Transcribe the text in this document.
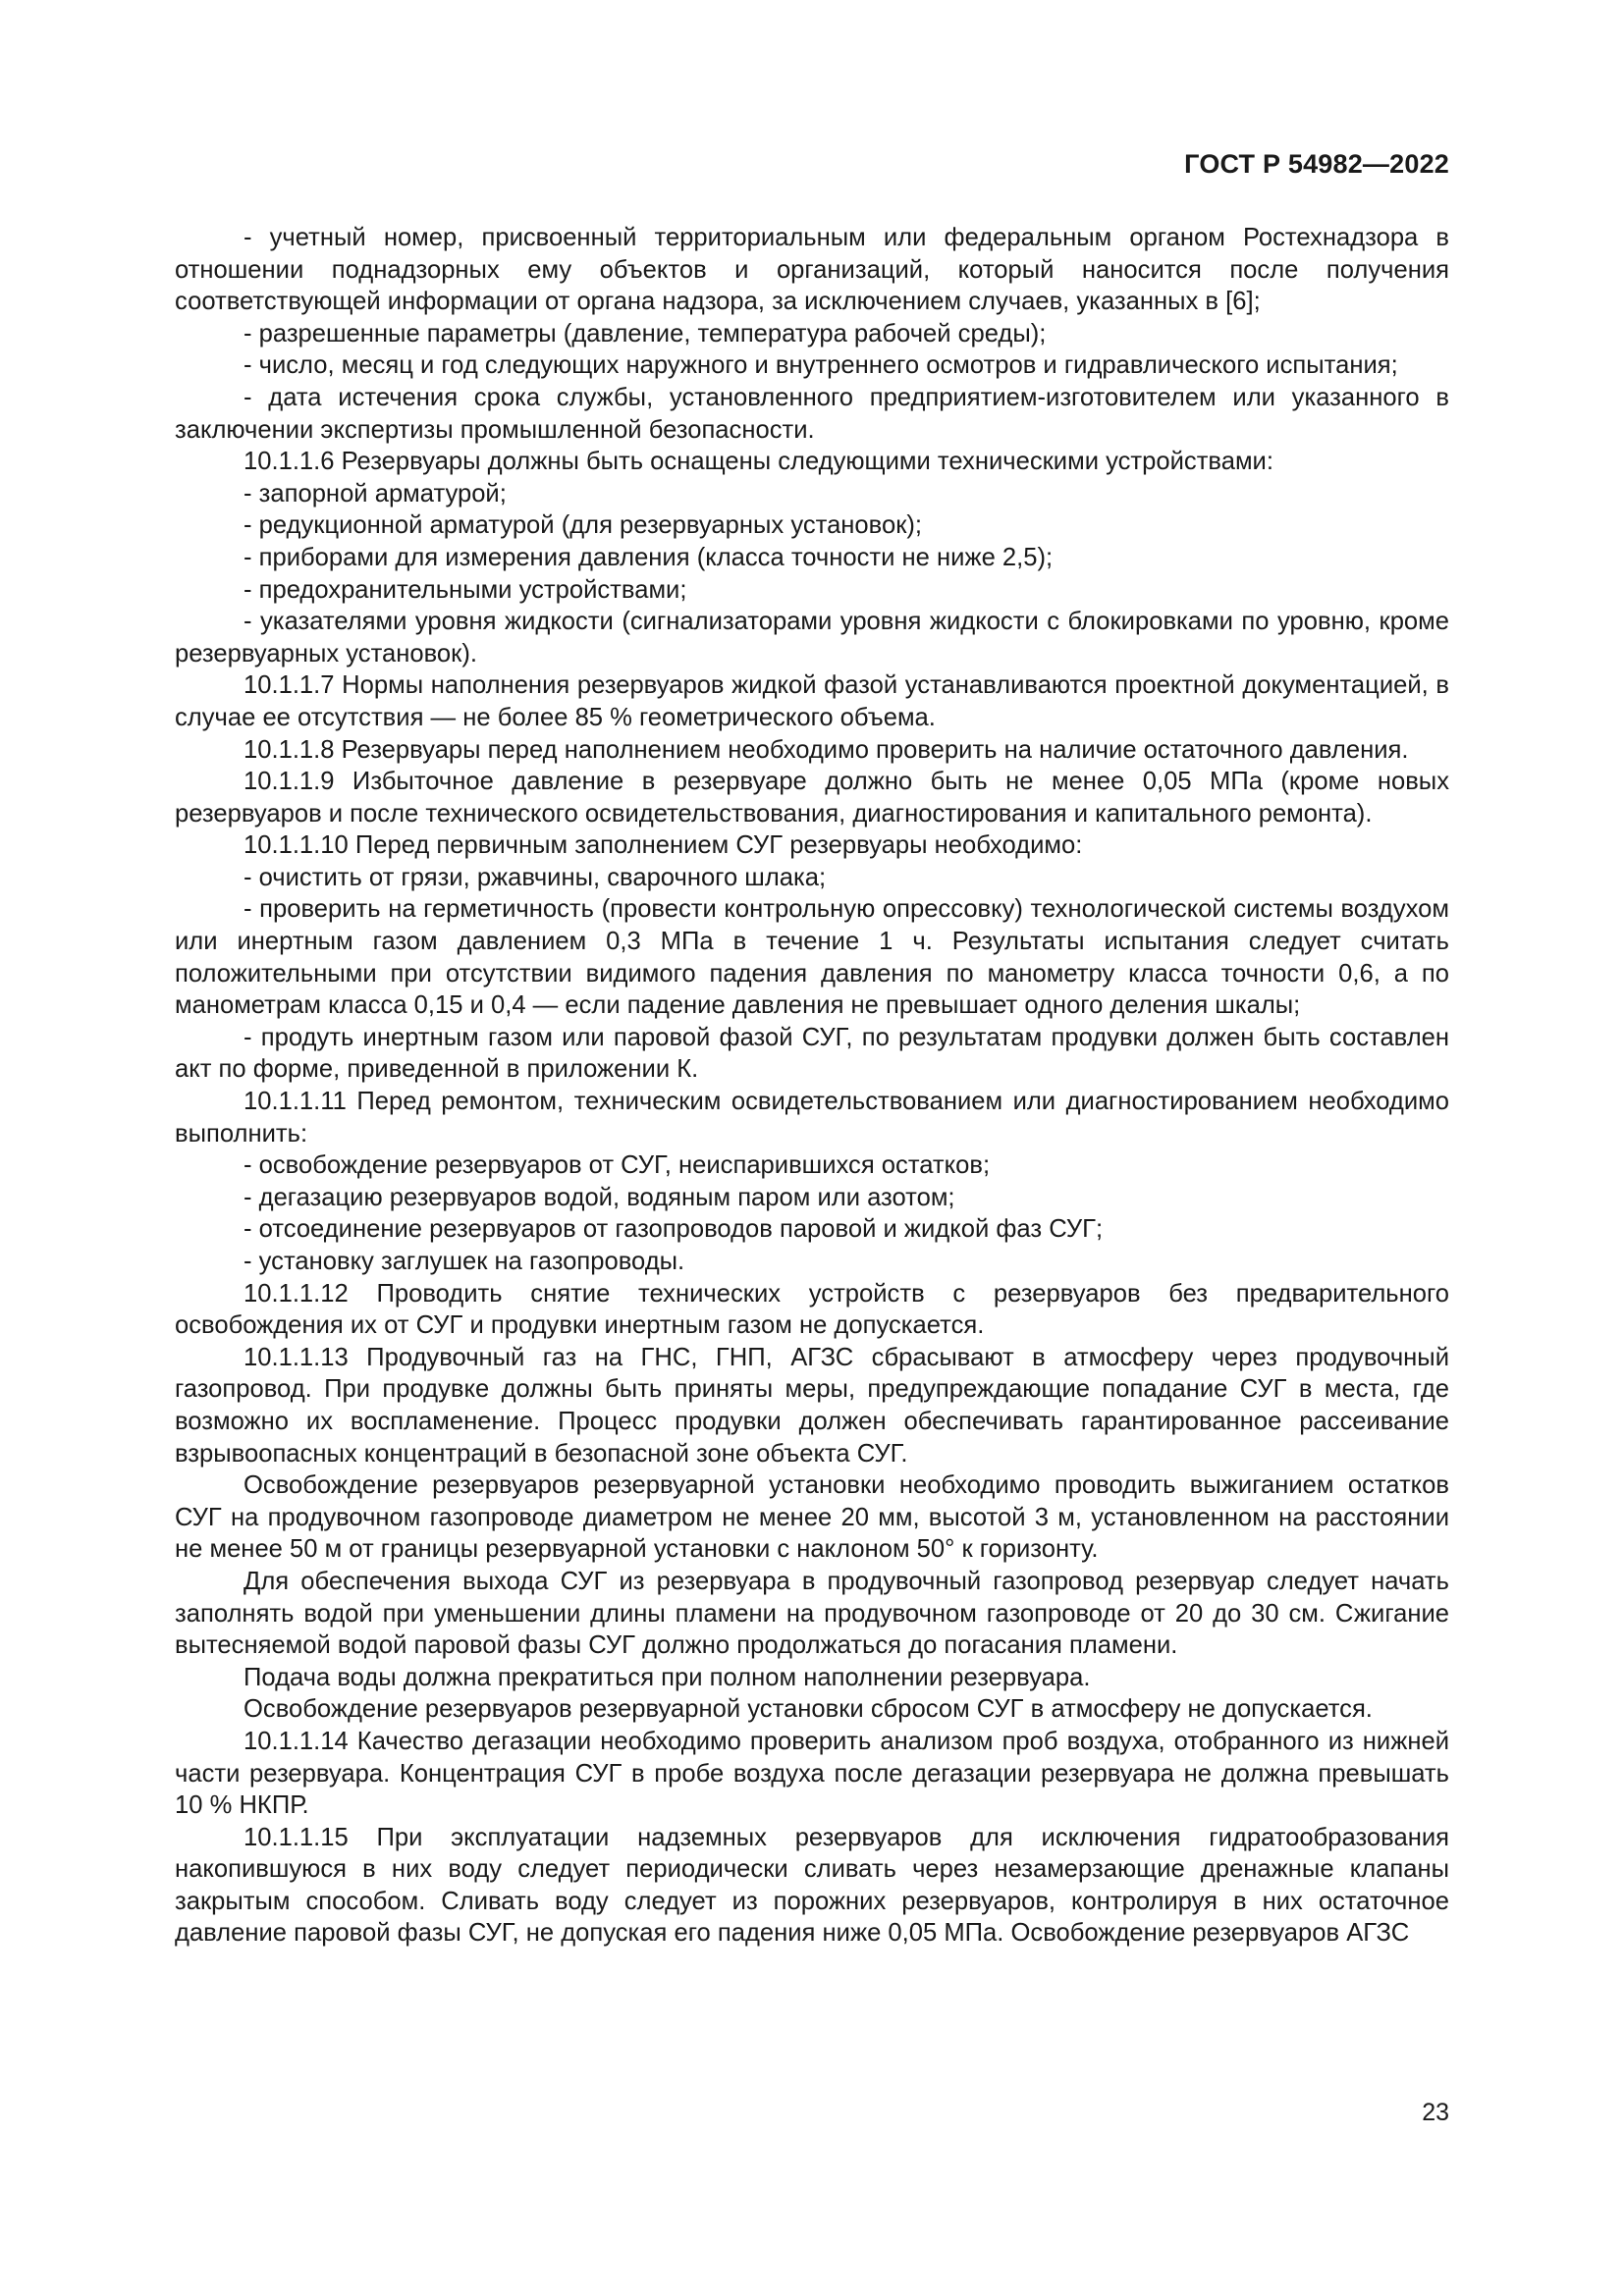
ГОСТ Р 54982—2022

- учетный номер, присвоенный территориальным или федеральным органом Ростехнадзора в отношении поднадзорных ему объектов и организаций, который наносится после получения соответствующей информации от органа надзора, за исключением случаев, указанных в [6];

- разрешенные параметры (давление, температура рабочей среды);

- число, месяц и год следующих наружного и внутреннего осмотров и гидравлического испытания;

- дата истечения срока службы, установленного предприятием-изготовителем или указанного в заключении экспертизы промышленной безопасности.

10.1.1.6 Резервуары должны быть оснащены следующими техническими устройствами:

- запорной арматурой;

- редукционной арматурой (для резервуарных установок);

- приборами для измерения давления (класса точности не ниже 2,5);

- предохранительными устройствами;

- указателями уровня жидкости (сигнализаторами уровня жидкости с блокировками по уровню, кроме резервуарных установок).

10.1.1.7 Нормы наполнения резервуаров жидкой фазой устанавливаются проектной документацией, в случае ее отсутствия — не более 85 % геометрического объема.

10.1.1.8 Резервуары перед наполнением необходимо проверить на наличие остаточного давления.

10.1.1.9 Избыточное давление в резервуаре должно быть не менее 0,05 МПа (кроме новых резервуаров и после технического освидетельствования, диагностирования и капитального ремонта).

10.1.1.10 Перед первичным заполнением СУГ резервуары необходимо:

- очистить от грязи, ржавчины, сварочного шлака;

- проверить на герметичность (провести контрольную опрессовку) технологической системы воздухом или инертным газом давлением 0,3 МПа в течение 1 ч. Результаты испытания следует считать положительными при отсутствии видимого падения давления по манометру класса точности 0,6, а по манометрам класса 0,15 и 0,4 — если падение давления не превышает одного деления шкалы;

- продуть инертным газом или паровой фазой СУГ, по результатам продувки должен быть составлен акт по форме, приведенной в приложении К.

10.1.1.11 Перед ремонтом, техническим освидетельствованием или диагностированием необходимо выполнить:

- освобождение резервуаров от СУГ, неиспарившихся остатков;

- дегазацию резервуаров водой, водяным паром или азотом;

- отсоединение резервуаров от газопроводов паровой и жидкой фаз СУГ;

- установку заглушек на газопроводы.

10.1.1.12 Проводить снятие технических устройств с резервуаров без предварительного освобождения их от СУГ и продувки инертным газом не допускается.

10.1.1.13 Продувочный газ на ГНС, ГНП, АГЗС сбрасывают в атмосферу через продувочный газопровод. При продувке должны быть приняты меры, предупреждающие попадание СУГ в места, где возможно их воспламенение. Процесс продувки должен обеспечивать гарантированное рассеивание взрывоопасных концентраций в безопасной зоне объекта СУГ.

Освобождение резервуаров резервуарной установки необходимо проводить выжиганием остатков СУГ на продувочном газопроводе диаметром не менее 20 мм, высотой 3 м, установленном на расстоянии не менее 50 м от границы резервуарной установки с наклоном 50° к горизонту.

Для обеспечения выхода СУГ из резервуара в продувочный газопровод резервуар следует начать заполнять водой при уменьшении длины пламени на продувочном газопроводе от 20 до 30 см. Сжигание вытесняемой водой паровой фазы СУГ должно продолжаться до погасания пламени.

Подача воды должна прекратиться при полном наполнении резервуара.

Освобождение резервуаров резервуарной установки сбросом СУГ в атмосферу не допускается.

10.1.1.14 Качество дегазации необходимо проверить анализом проб воздуха, отобранного из нижней части резервуара. Концентрация СУГ в пробе воздуха после дегазации резервуара не должна превышать 10 % НКПР.

10.1.1.15 При эксплуатации надземных резервуаров для исключения гидратообразования накопившуюся в них воду следует периодически сливать через незамерзающие дренажные клапаны закрытым способом. Сливать воду следует из порожних резервуаров, контролируя в них остаточное давление паровой фазы СУГ, не допуская его падения ниже 0,05 МПа. Освобождение резервуаров АГЗС

23
